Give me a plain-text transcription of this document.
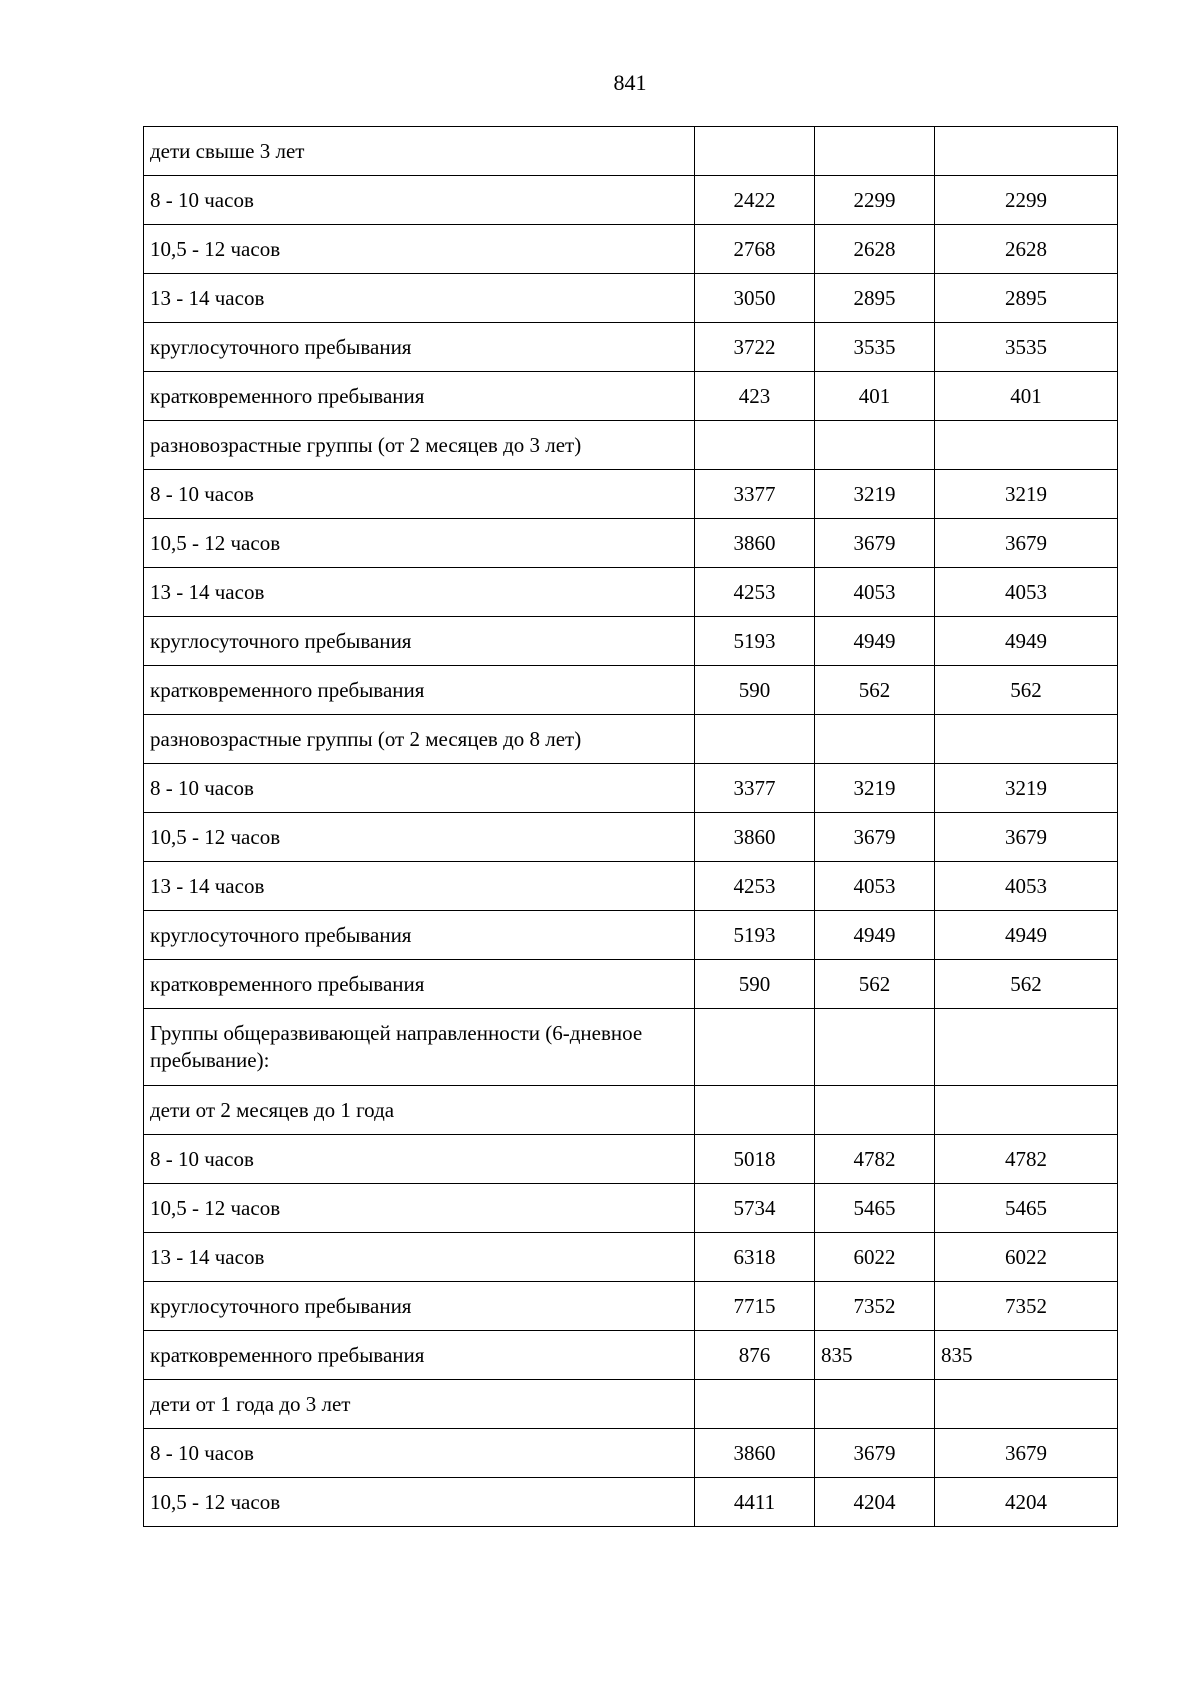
841
дети свыше 3 лет			
8 - 10 часов	2422	2299	2299
10,5 - 12 часов	2768	2628	2628
13 - 14 часов	3050	2895	2895
круглосуточного пребывания	3722	3535	3535
кратковременного пребывания	423	401	401
разновозрастные группы (от 2 месяцев до 3 лет)			
8 - 10 часов	3377	3219	3219
10,5 - 12 часов	3860	3679	3679
13 - 14 часов	4253	4053	4053
круглосуточного пребывания	5193	4949	4949
кратковременного пребывания	590	562	562
разновозрастные группы (от 2 месяцев до 8 лет)			
8 - 10 часов	3377	3219	3219
10,5 - 12 часов	3860	3679	3679
13 - 14 часов	4253	4053	4053
круглосуточного пребывания	5193	4949	4949
кратковременного пребывания	590	562	562
Группы общеразвивающей направленности (6-дневное пребывание):			
дети от 2 месяцев до 1 года			
8 - 10 часов	5018	4782	4782
10,5 - 12 часов	5734	5465	5465
13 - 14 часов	6318	6022	6022
круглосуточного пребывания	7715	7352	7352
кратковременного пребывания	876	835	835
дети от 1 года до 3 лет			
8 - 10 часов	3860	3679	3679
10,5 - 12 часов	4411	4204	4204
